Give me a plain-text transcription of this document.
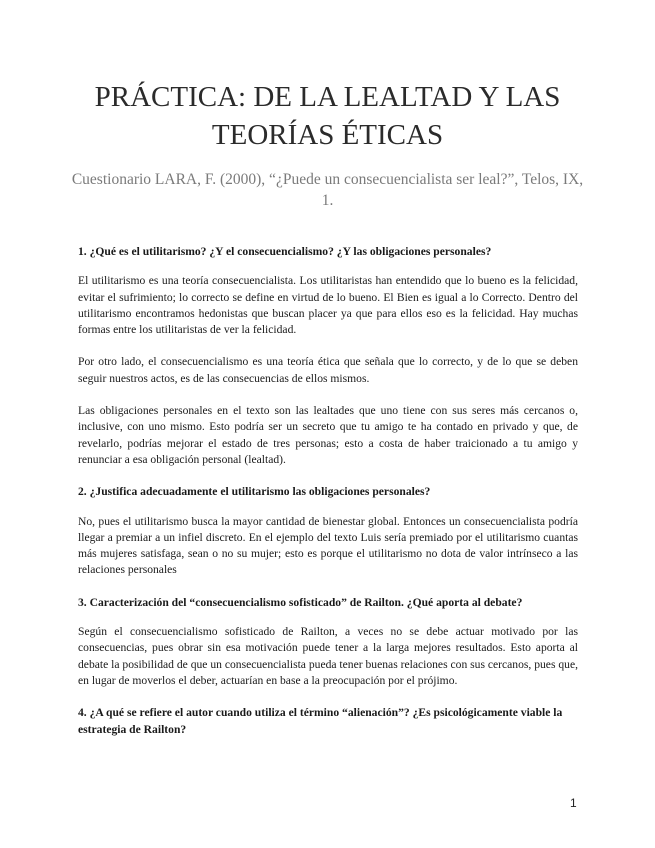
PRÁCTICA: DE LA LEALTAD Y LAS TEORÍAS ÉTICAS
Cuestionario LARA, F. (2000), “¿Puede un consecuencialista ser leal?”, Telos, IX, 1.
1. ¿Qué es el utilitarismo? ¿Y el consecuencialismo? ¿Y las obligaciones personales?
El utilitarismo es una teoría consecuencialista. Los utilitaristas han entendido que lo bueno es la felicidad, evitar el sufrimiento; lo correcto se define en virtud de lo bueno. El Bien es igual a lo Correcto. Dentro del utilitarismo encontramos hedonistas que buscan placer ya que para ellos eso es la felicidad. Hay muchas formas entre los utilitaristas de ver la felicidad.
Por otro lado, el consecuencialismo es una teoría ética que señala que lo correcto, y de lo que se deben seguir nuestros actos, es de las consecuencias de ellos mismos.
Las obligaciones personales en el texto son las lealtades que uno tiene con sus seres más cercanos o, inclusive, con uno mismo. Esto podría ser un secreto que tu amigo te ha contado en privado y que, de revelarlo, podrías mejorar el estado de tres personas; esto a costa de haber traicionado a tu amigo y renunciar a esa obligación personal (lealtad).
2. ¿Justifica adecuadamente el utilitarismo las obligaciones personales?
No, pues el utilitarismo busca la mayor cantidad de bienestar global. Entonces un consecuencialista podría llegar a premiar a un infiel discreto. En el ejemplo del texto Luis sería premiado por el utilitarismo cuantas más mujeres satisfaga, sean o no su mujer; esto es porque el utilitarismo no dota de valor intrínseco a las relaciones personales
3. Caracterización del “consecuencialismo sofisticado” de Railton. ¿Qué aporta al debate?
Según el consecuencialismo sofisticado de Railton, a veces no se debe actuar motivado por las consecuencias, pues obrar sin esa motivación puede tener a la larga mejores resultados. Esto aporta al debate la posibilidad de que un consecuencialista pueda tener buenas relaciones con sus cercanos, pues que, en lugar de moverlos el deber, actuarían en base a la preocupación por el prójimo.
4. ¿A qué se refiere el autor cuando utiliza el término “alienación”? ¿Es psicológicamente viable la estrategia de Railton?
1
